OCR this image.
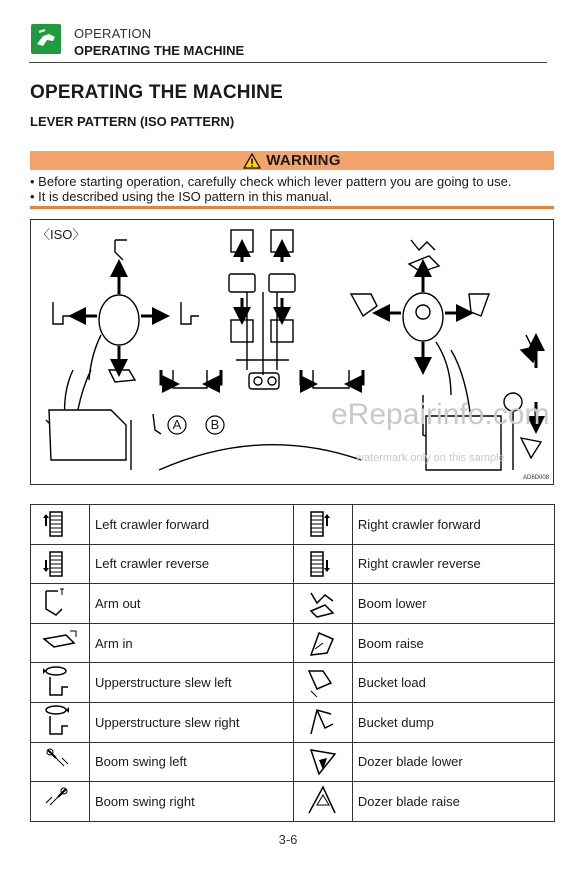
OPERATION
OPERATING THE MACHINE
OPERATING THE MACHINE
LEVER PATTERN (ISO PATTERN)
WARNING
• Before starting operation, carefully check which lever pattern you are going to use.
• It is described using the ISO pattern in this manual.
〈ISO〉
A B	eRepairinfo.com
watermark only on this sample
AD6D008
	Left crawler forward		Right crawler forward

	Left crawler reverse		Right crawler reverse

	Arm out		Boom lower

	Arm in		Boom raise

	Upperstructure slew left		Bucket load

	Upperstructure slew right		Bucket dump

	Boom swing left		Dozer blade lower

	Boom swing right		Dozer blade raise
3-6
